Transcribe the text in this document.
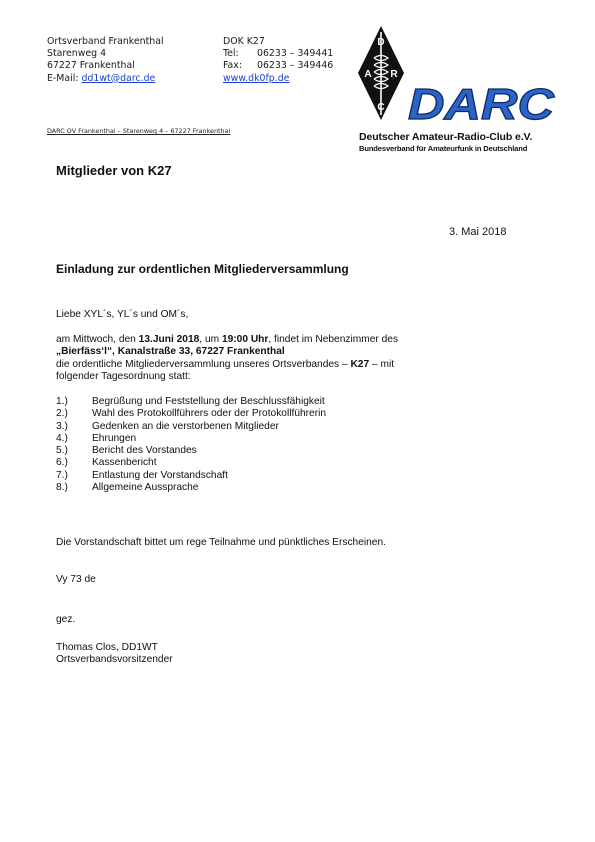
Ortsverband Frankenthal
Starenweg 4
67227 Frankenthal
E-Mail: dd1wt@darc.de
DOK K27
Tel: 06233 – 349441
Fax: 06233 – 349446
www.dk0fp.de
D
A R
C DARC
Deutscher Amateur-Radio-Club e.V.
Bundesverband für Amateurfunk in Deutschland
DARC OV Frankenthal – Starenweg 4 – 67227 Frankenthal
Mitglieder von K27
3. Mai 2018
Einladung zur ordentlichen Mitgliederversammlung
Liebe XYL´s, YL´s und OM´s,
am Mittwoch, den 13.Juni 2018, um 19:00 Uhr, findet im Nebenzimmer des
„Bierfäss‘l“, Kanalstraße 33, 67227 Frankenthal
die ordentliche Mitgliederversammlung unseres Ortsverbandes – K27 – mit
folgender Tagesordnung statt:
1.) Begrüßung und Feststellung der Beschlussfähigkeit
2.) Wahl des Protokollführers oder der Protokollführerin
3.) Gedenken an die verstorbenen Mitglieder
4.) Ehrungen
5.) Bericht des Vorstandes
6.) Kassenbericht
7.) Entlastung der Vorstandschaft
8.) Allgemeine Aussprache
Die Vorstandschaft bittet um rege Teilnahme und pünktliches Erscheinen.
Vy 73 de
gez.
Thomas Clos, DD1WT
Ortsverbandsvorsitzender
